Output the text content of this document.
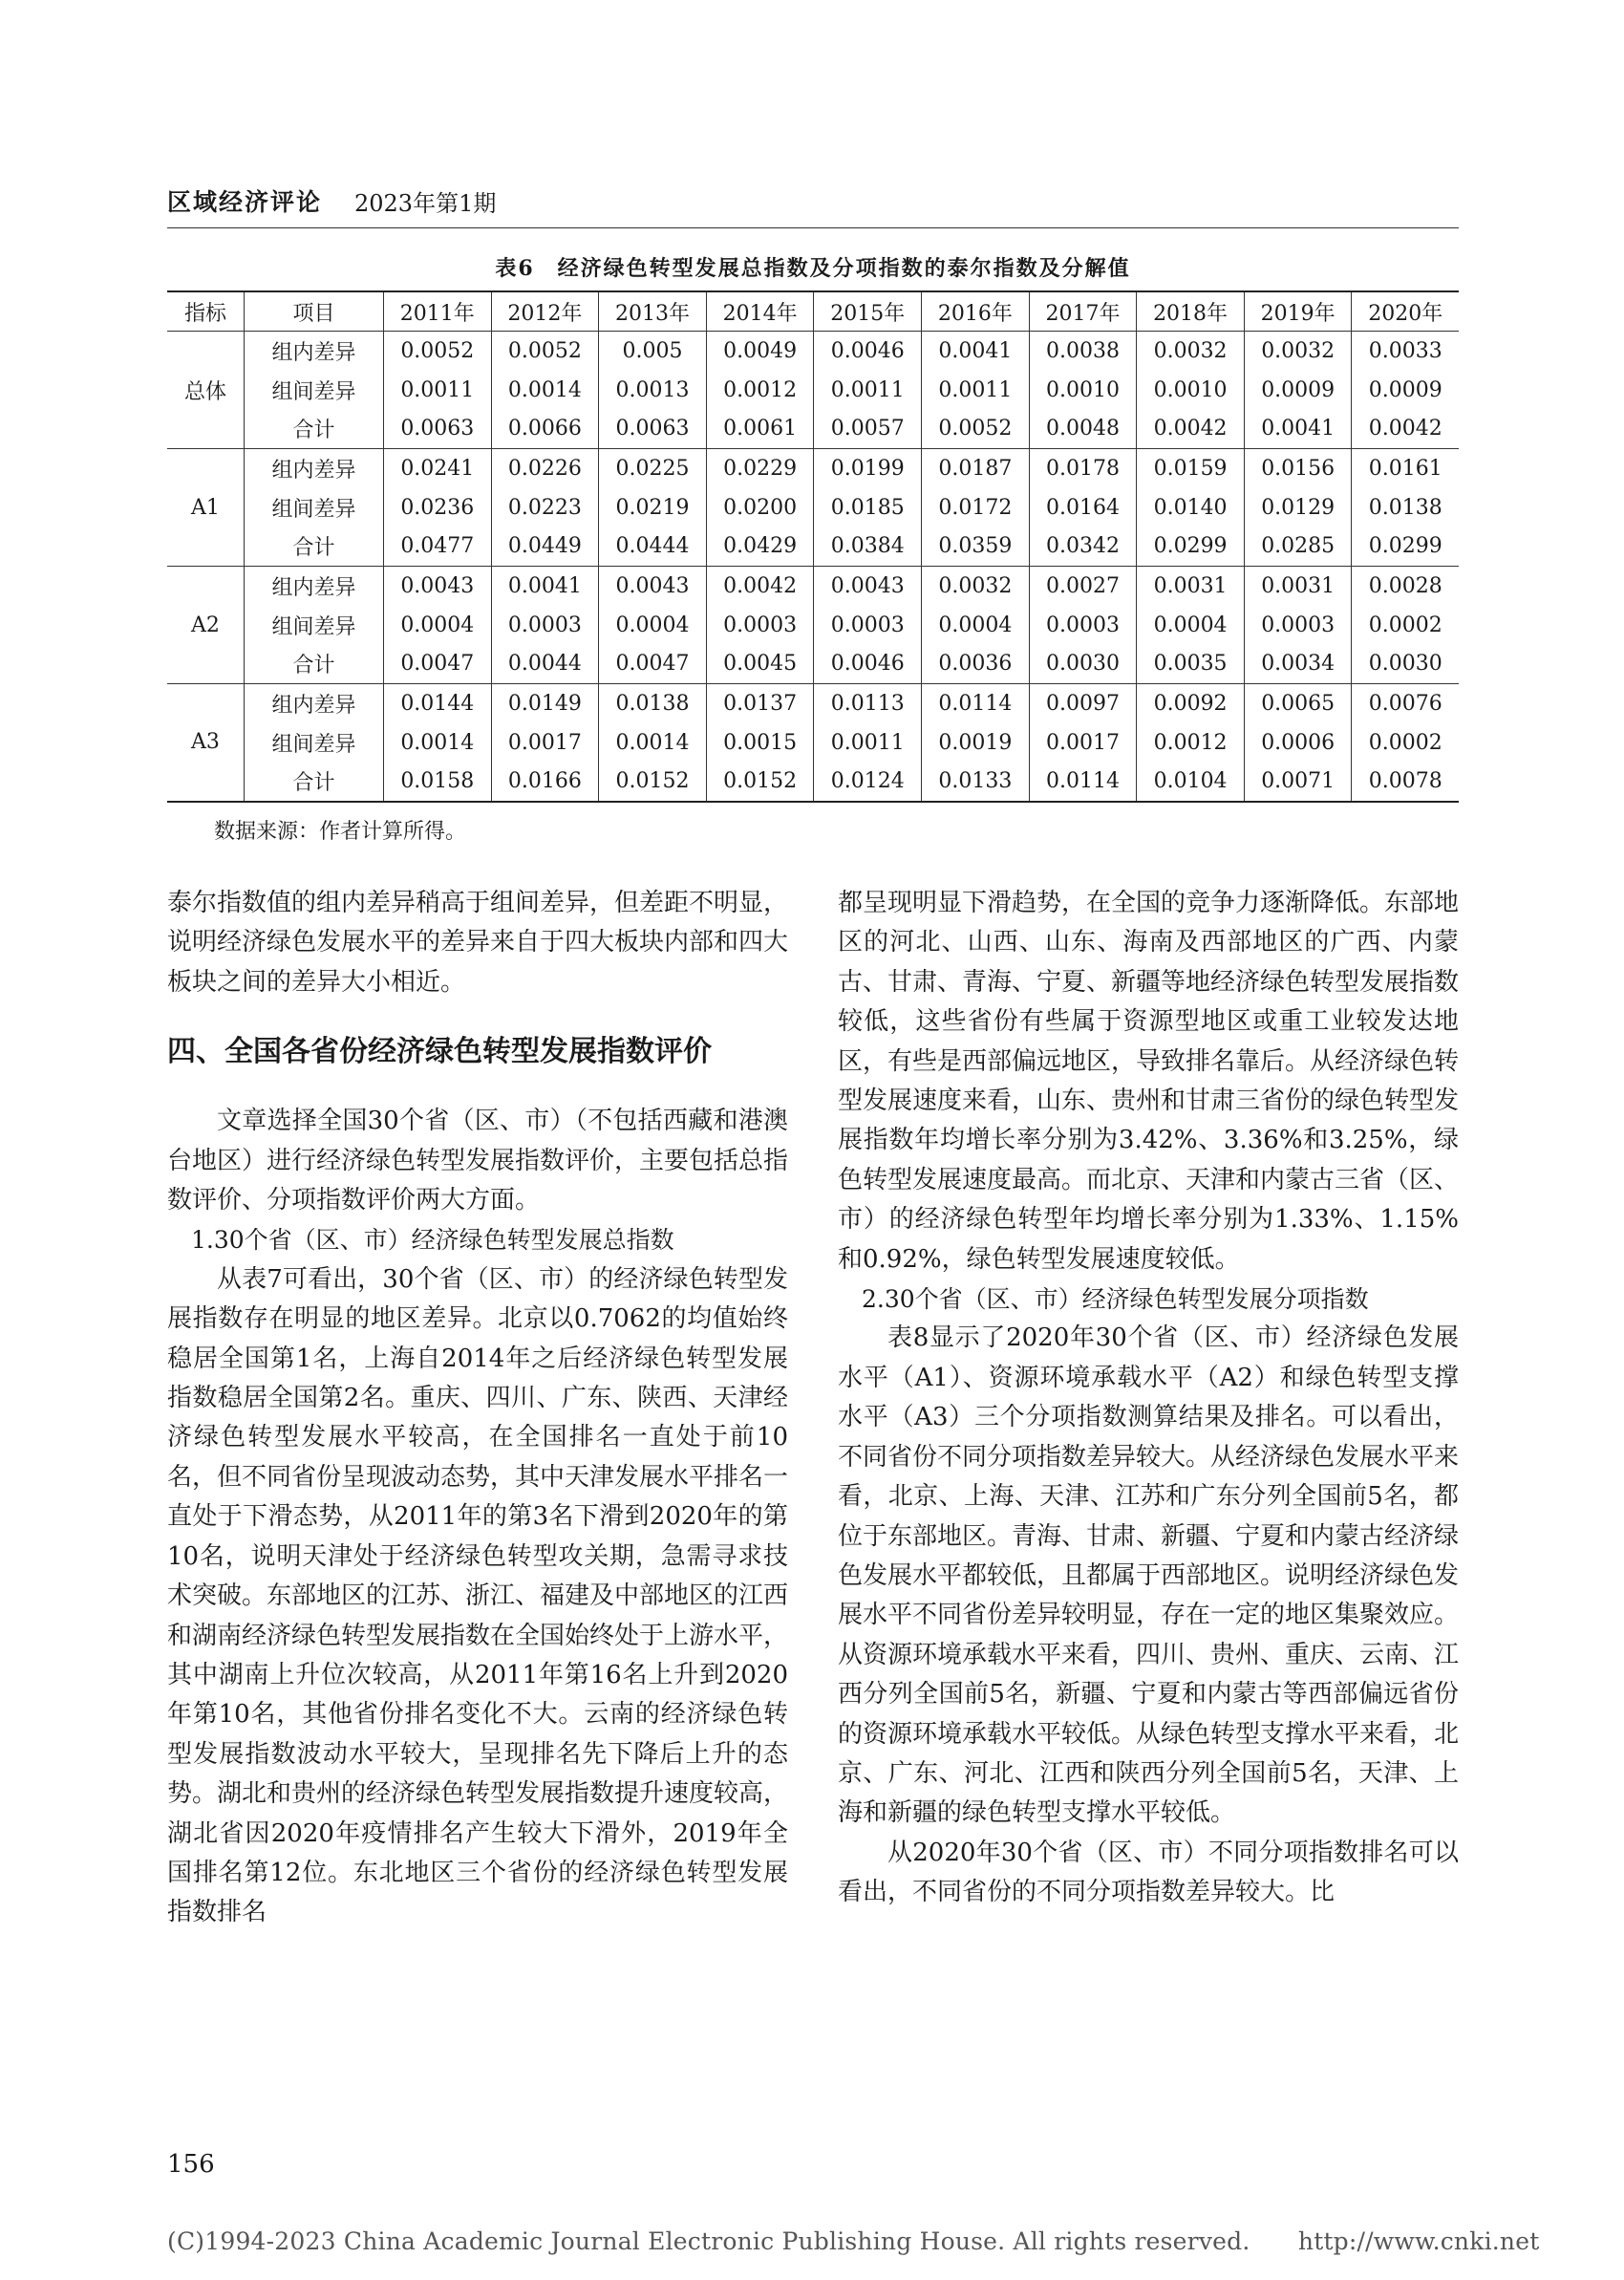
区域经济评论 2023年第1期
表6　经济绿色转型发展总指数及分项指数的泰尔指数及分解值
指标	项目	2011年	2012年	2013年	2014年	2015年	2016年	2017年	2018年	2019年	2020年
总体	组内差异	0.0052	0.0052	0.005	0.0049	0.0046	0.0041	0.0038	0.0032	0.0032	0.0033
	组间差异	0.0011	0.0014	0.0013	0.0012	0.0011	0.0011	0.0010	0.0010	0.0009	0.0009
	合计	0.0063	0.0066	0.0063	0.0061	0.0057	0.0052	0.0048	0.0042	0.0041	0.0042
A1	组内差异	0.0241	0.0226	0.0225	0.0229	0.0199	0.0187	0.0178	0.0159	0.0156	0.0161
	组间差异	0.0236	0.0223	0.0219	0.0200	0.0185	0.0172	0.0164	0.0140	0.0129	0.0138
	合计	0.0477	0.0449	0.0444	0.0429	0.0384	0.0359	0.0342	0.0299	0.0285	0.0299
A2	组内差异	0.0043	0.0041	0.0043	0.0042	0.0043	0.0032	0.0027	0.0031	0.0031	0.0028
	组间差异	0.0004	0.0003	0.0004	0.0003	0.0003	0.0004	0.0003	0.0004	0.0003	0.0002
	合计	0.0047	0.0044	0.0047	0.0045	0.0046	0.0036	0.0030	0.0035	0.0034	0.0030
A3	组内差异	0.0144	0.0149	0.0138	0.0137	0.0113	0.0114	0.0097	0.0092	0.0065	0.0076
	组间差异	0.0014	0.0017	0.0014	0.0015	0.0011	0.0019	0.0017	0.0012	0.0006	0.0002
	合计	0.0158	0.0166	0.0152	0.0152	0.0124	0.0133	0.0114	0.0104	0.0071	0.0078
数据来源：作者计算所得。

泰尔指数值的组内差异稍高于组间差异，但差距不明显，说明经济绿色发展水平的差异来自于四大板块内部和四大板块之间的差异大小相近。

四、全国各省份经济绿色转型发展指数评价

文章选择全国30个省（区、市）（不包括西藏和港澳台地区）进行经济绿色转型发展指数评价，主要包括总指数评价、分项指数评价两大方面。

1.30个省（区、市）经济绿色转型发展总指数

从表7可看出，30个省（区、市）的经济绿色转型发展指数存在明显的地区差异。北京以0.7062的均值始终稳居全国第1名，上海自2014年之后经济绿色转型发展指数稳居全国第2名。重庆、四川、广东、陕西、天津经济绿色转型发展水平较高，在全国排名一直处于前10名，但不同省份呈现波动态势，其中天津发展水平排名一直处于下滑态势，从2011年的第3名下滑到2020年的第10名，说明天津处于经济绿色转型攻关期，急需寻求技术突破。东部地区的江苏、浙江、福建及中部地区的江西和湖南经济绿色转型发展指数在全国始终处于上游水平，其中湖南上升位次较高，从2011年第16名上升到2020年第10名，其他省份排名变化不大。云南的经济绿色转型发展指数波动水平较大，呈现排名先下降后上升的态势。湖北和贵州的经济绿色转型发展指数提升速度较高，湖北省因2020年疫情排名产生较大下滑外，2019年全国排名第12位。东北地区三个省份的经济绿色转型发展指数排名

都呈现明显下滑趋势，在全国的竞争力逐渐降低。东部地区的河北、山西、山东、海南及西部地区的广西、内蒙古、甘肃、青海、宁夏、新疆等地经济绿色转型发展指数较低，这些省份有些属于资源型地区或重工业较发达地区，有些是西部偏远地区，导致排名靠后。从经济绿色转型发展速度来看，山东、贵州和甘肃三省份的绿色转型发展指数年均增长率分别为3.42%、3.36%和3.25%，绿色转型发展速度最高。而北京、天津和内蒙古三省（区、市）的经济绿色转型年均增长率分别为1.33%、1.15%和0.92%，绿色转型发展速度较低。

2.30个省（区、市）经济绿色转型发展分项指数

表8显示了2020年30个省（区、市）经济绿色发展水平（A1）、资源环境承载水平（A2）和绿色转型支撑水平（A3）三个分项指数测算结果及排名。可以看出，不同省份不同分项指数差异较大。从经济绿色发展水平来看，北京、上海、天津、江苏和广东分列全国前5名，都位于东部地区。青海、甘肃、新疆、宁夏和内蒙古经济绿色发展水平都较低，且都属于西部地区。说明经济绿色发展水平不同省份差异较明显，存在一定的地区集聚效应。从资源环境承载水平来看，四川、贵州、重庆、云南、江西分列全国前5名，新疆、宁夏和内蒙古等西部偏远省份的资源环境承载水平较低。从绿色转型支撑水平来看，北京、广东、河北、江西和陕西分列全国前5名，天津、上海和新疆的绿色转型支撑水平较低。

从2020年30个省（区、市）不同分项指数排名可以看出，不同省份的不同分项指数差异较大。比

156
(C)1994-2023 China Academic Journal Electronic Publishing House. All rights reserved.　　http://www.cnki.net
